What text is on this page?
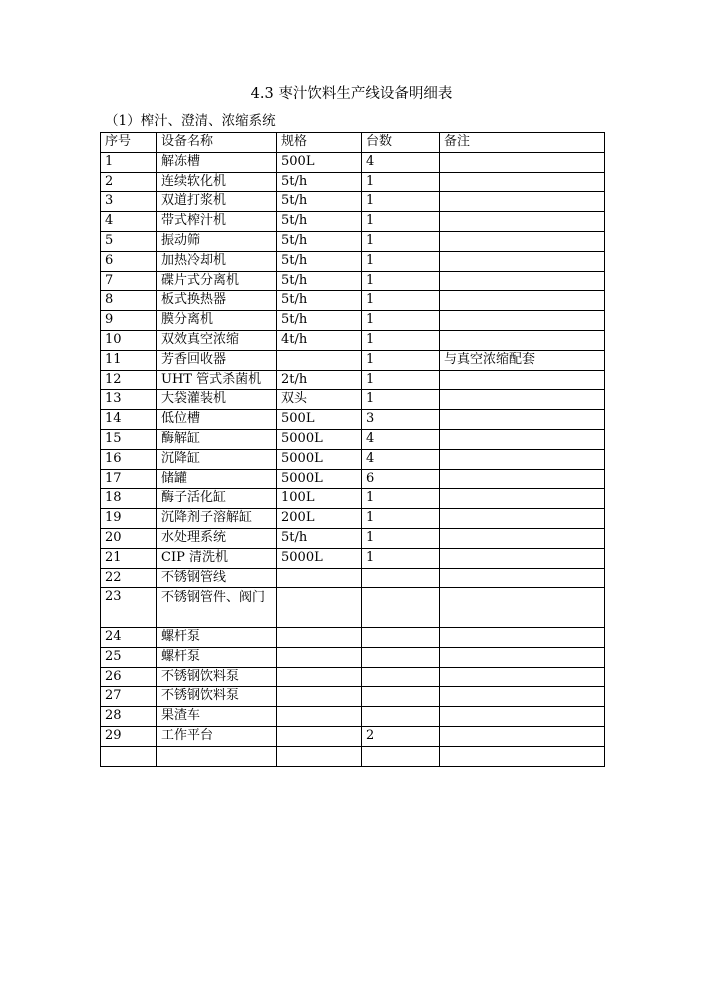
4.3 枣汁饮料生产线设备明细表
（1）榨汁、澄清、浓缩系统
序号	设备名称	规格	台数	备注
1	解冻槽	500L	4	
2	连续软化机	5t/h	1	
3	双道打浆机	5t/h	1	
4	带式榨汁机	5t/h	1	
5	振动筛	5t/h	1	
6	加热冷却机	5t/h	1	
7	碟片式分离机	5t/h	1	
8	板式换热器	5t/h	1	
9	膜分离机	5t/h	1	
10	双效真空浓缩	4t/h	1	
11	芳香回收器		1	与真空浓缩配套
12	UHT 管式杀菌机	2t/h	1	
13	大袋灌装机	双头	1	
14	低位槽	500L	3	
15	酶解缸	5000L	4	
16	沉降缸	5000L	4	
17	储罐	5000L	6	
18	酶子活化缸	100L	1	
19	沉降剂子溶解缸	200L	1	
20	水处理系统	5t/h	1	
21	CIP 清洗机	5000L	1	
22	不锈钢管线			
23	不锈钢管件、阀门			
24	螺杆泵			
25	螺杆泵			
26	不锈钢饮料泵			
27	不锈钢饮料泵			
28	果渣车			
29	工作平台		2	
